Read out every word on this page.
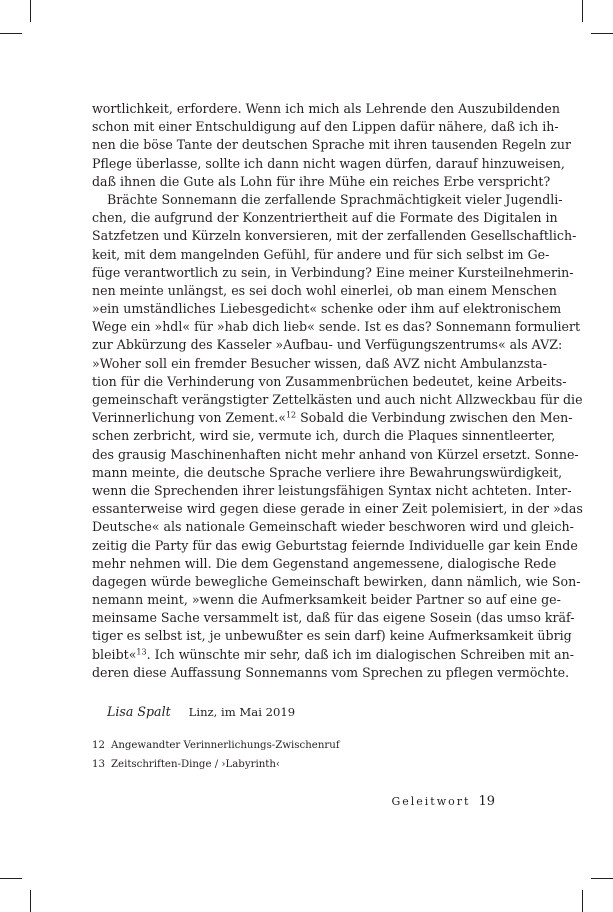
wortlichkeit, erfordere. Wenn ich mich als Lehrende den Auszubildenden
schon mit einer Entschuldigung auf den Lippen dafür nähere, daß ich ih-
nen die böse Tante der deutschen Sprache mit ihren tausenden Regeln zur
Pflege überlasse, sollte ich dann nicht wagen dürfen, darauf hinzuweisen,
daß ihnen die Gute als Lohn für ihre Mühe ein reiches Erbe verspricht?
Brächte Sonnemann die zerfallende Sprachmächtigkeit vieler Jugendli-
chen, die aufgrund der Konzentriertheit auf die Formate des Digitalen in
Satzfetzen und Kürzeln konversieren, mit der zerfallenden Gesellschaftlich-
keit, mit dem mangelnden Gefühl, für andere und für sich selbst im Ge-
füge verantwortlich zu sein, in Verbindung? Eine meiner Kursteilnehmerin-
nen meinte unlängst, es sei doch wohl einerlei, ob man einem Menschen
»ein umständliches Liebesgedicht« schenke oder ihm auf elektronischem
Wege ein »hdl« für »hab dich lieb« sende. Ist es das? Sonnemann formuliert
zur Abkürzung des Kasseler »Aufbau- und Verfügungszentrums« als AVZ:
»Woher soll ein fremder Besucher wissen, daß AVZ nicht Ambulanzsta-
tion für die Verhinderung von Zusammenbrüchen bedeutet, keine Arbeits-
gemeinschaft verängstigter Zettelkästen und auch nicht Allzweckbau für die
Verinnerlichung von Zement.«$^{12}$ Sobald die Verbindung zwischen den Men-
schen zerbricht, wird sie, vermute ich, durch die Plaques sinnentleerter,
des grausig Maschinenhaften nicht mehr anhand von Kürzel ersetzt. Sonne-
mann meinte, die deutsche Sprache verliere ihre Bewahrungswürdigkeit,
wenn die Sprechenden ihrer leistungsfähigen Syntax nicht achteten. Inter-
essanterweise wird gegen diese gerade in einer Zeit polemisiert, in der »das
Deutsche« als nationale Gemeinschaft wieder beschworen wird und gleich-
zeitig die Party für das ewig Geburtstag feiernde Individuelle gar kein Ende
mehr nehmen will. Die dem Gegenstand angemessene, dialogische Rede
dagegen würde bewegliche Gemeinschaft bewirken, dann nämlich, wie Son-
nemann meint, »wenn die Aufmerksamkeit beider Partner so auf eine ge-
meinsame Sache versammelt ist, daß für das eigene Sosein (das umso kräf-
tiger es selbst ist, je unbewußter es sein darf) keine Aufmerksamkeit übrig
bleibt«$^{13}$. Ich wünschte mir sehr, daß ich im dialogischen Schreiben mit an-
deren diese Auffassung Sonnemanns vom Sprechen zu pflegen vermöchte.
Lisa Spalt Linz, im Mai 2019
12 Angewandter Verinnerlichungs-Zwischenruf
13 Zeitschriften-Dinge / ›Labyrinth‹
Geleitwort 19
